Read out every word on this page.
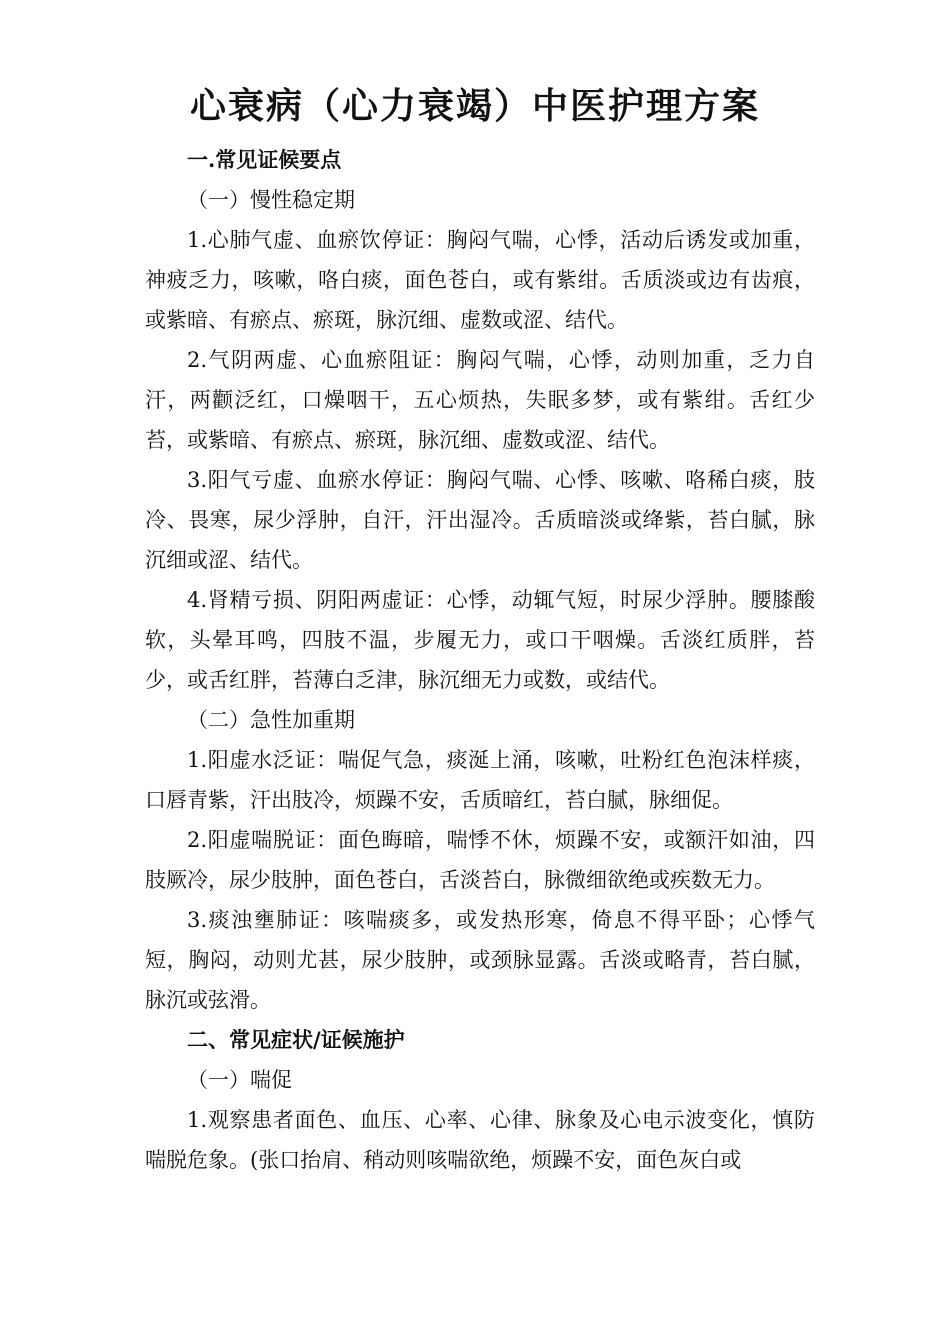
心衰病（心力衰竭）中医护理方案

一.常见证候要点

（一）慢性稳定期

1.心肺气虚、血瘀饮停证：胸闷气喘，心悸，活动后诱发或加重，神疲乏力，咳嗽，咯白痰，面色苍白，或有紫绀。舌质淡或边有齿痕，或紫暗、有瘀点、瘀斑，脉沉细、虚数或涩、结代。

2.气阴两虚、心血瘀阻证：胸闷气喘，心悸，动则加重，乏力自汗，两颧泛红，口燥咽干，五心烦热，失眠多梦，或有紫绀。舌红少苔，或紫暗、有瘀点、瘀斑，脉沉细、虚数或涩、结代。

3.阳气亏虚、血瘀水停证：胸闷气喘、心悸、咳嗽、咯稀白痰，肢冷、畏寒，尿少浮肿，自汗，汗出湿冷。舌质暗淡或绛紫，苔白腻，脉沉细或涩、结代。

4.肾精亏损、阴阳两虚证：心悸，动辄气短，时尿少浮肿。腰膝酸软，头晕耳鸣，四肢不温，步履无力，或口干咽燥。舌淡红质胖，苔少，或舌红胖，苔薄白乏津，脉沉细无力或数，或结代。

（二）急性加重期

1.阳虚水泛证：喘促气急，痰涎上涌，咳嗽，吐粉红色泡沫样痰，口唇青紫，汗出肢冷，烦躁不安，舌质暗红，苔白腻，脉细促。

2.阳虚喘脱证：面色晦暗，喘悸不休，烦躁不安，或额汗如油，四肢厥冷，尿少肢肿，面色苍白，舌淡苔白，脉微细欲绝或疾数无力。

3.痰浊壅肺证：咳喘痰多，或发热形寒，倚息不得平卧；心悸气短，胸闷，动则尤甚，尿少肢肿，或颈脉显露。舌淡或略青，苔白腻，脉沉或弦滑。

二、常见症状/证候施护

（一）喘促

1.观察患者面色、血压、心率、心律、脉象及心电示波变化，慎防喘脱危象。(张口抬肩、稍动则咳喘欲绝，烦躁不安，面色灰白或
